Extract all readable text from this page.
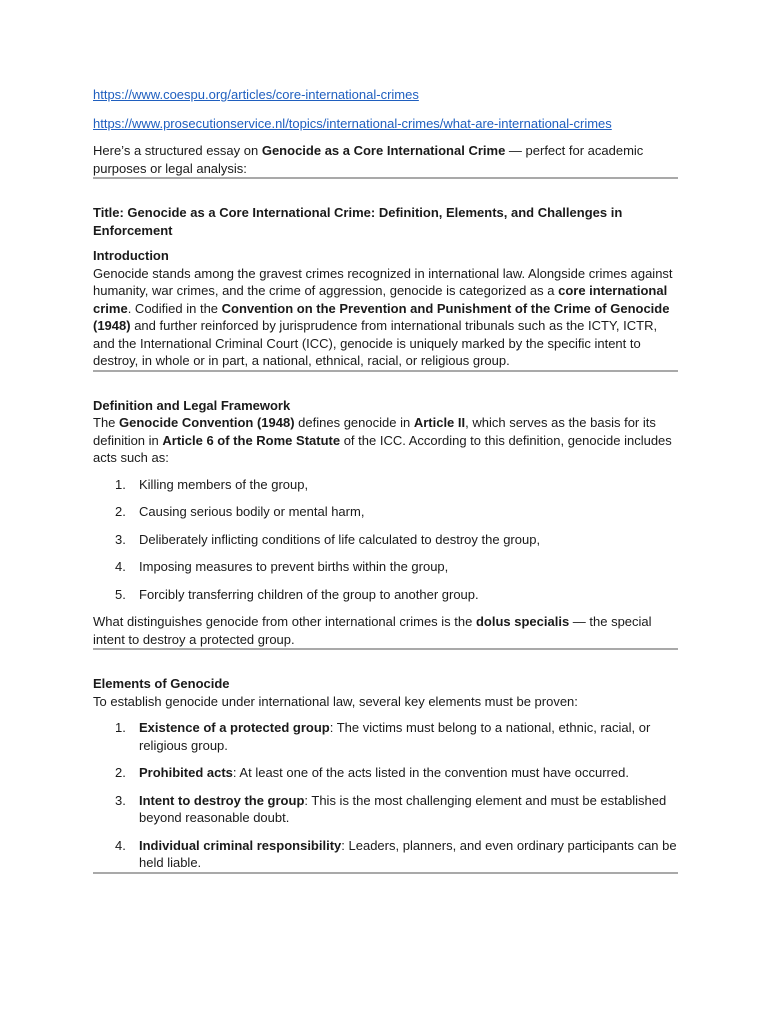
https://www.coespu.org/articles/core-international-crimes
https://www.prosecutionservice.nl/topics/international-crimes/what-are-international-crimes

Here’s a structured essay on Genocide as a Core International Crime — perfect for academic purposes or legal analysis:

Title: Genocide as a Core International Crime: Definition, Elements, and Challenges in Enforcement

Introduction

Genocide stands among the gravest crimes recognized in international law. Alongside crimes against humanity, war crimes, and the crime of aggression, genocide is categorized as a core international crime. Codified in the Convention on the Prevention and Punishment of the Crime of Genocide (1948) and further reinforced by jurisprudence from international tribunals such as the ICTY, ICTR, and the International Criminal Court (ICC), genocide is uniquely marked by the specific intent to destroy, in whole or in part, a national, ethnical, racial, or religious group.

Definition and Legal Framework

The Genocide Convention (1948) defines genocide in Article II, which serves as the basis for its definition in Article 6 of the Rome Statute of the ICC. According to this definition, genocide includes acts such as:

1. Killing members of the group,
2. Causing serious bodily or mental harm,
3. Deliberately inflicting conditions of life calculated to destroy the group,
4. Imposing measures to prevent births within the group,
5. Forcibly transferring children of the group to another group.

What distinguishes genocide from other international crimes is the dolus specialis — the special intent to destroy a protected group.

Elements of Genocide

To establish genocide under international law, several key elements must be proven:

1. Existence of a protected group: The victims must belong to a national, ethnic, racial, or religious group.
2. Prohibited acts: At least one of the acts listed in the convention must have occurred.
3. Intent to destroy the group: This is the most challenging element and must be established beyond reasonable doubt.
4. Individual criminal responsibility: Leaders, planners, and even ordinary participants can be held liable.
